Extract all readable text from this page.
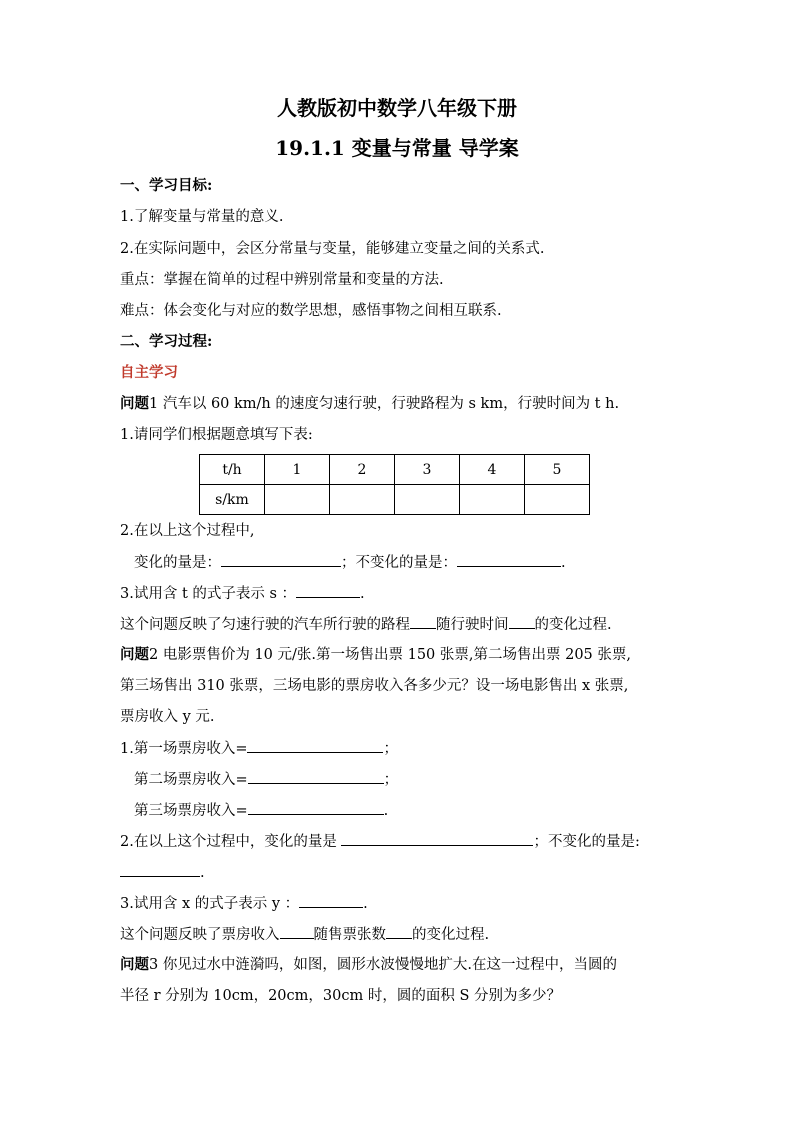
人教版初中数学八年级下册
19.1.1 变量与常量 导学案
一、学习目标:
1.了解变量与常量的意义.
2.在实际问题中，会区分常量与变量，能够建立变量之间的关系式.
重点：掌握在简单的过程中辨别常量和变量的方法.
难点：体会变化与对应的数学思想，感悟事物之间相互联系.
二、学习过程:
自主学习
问题1 汽车以 60 km/h 的速度匀速行驶，行驶路程为 s km，行驶时间为 t h.
1.请同学们根据题意填写下表:
t/h	1	2	3	4	5
s/km					
2.在以上这个过程中,
变化的量是：	；不变化的量是：	.
3.试用含 t 的式子表示 s ：	.
这个问题反映了匀速行驶的汽车所行驶的路程 随行驶时间 的变化过程.
问题2 电影票售价为 10 元/张.第一场售出票 150 张票,第二场售出票 205 张票,
第三场售出 310 张票，三场电影的票房收入各多少元？设一场电影售出 x 张票,
票房收入 y 元.
1.第一场票房收入=	；
第二场票房收入=	；
第三场票房收入=	.
2.在以上这个过程中，变化的量是	；不变化的量是:
.
3.试用含 x 的式子表示 y ：	.
这个问题反映了票房收入 随售票张数 的变化过程.
问题3 你见过水中涟漪吗，如图，圆形水波慢慢地扩大.在这一过程中，当圆的
半径 r 分别为 10cm，20cm，30cm 时，圆的面积 S 分别为多少？
